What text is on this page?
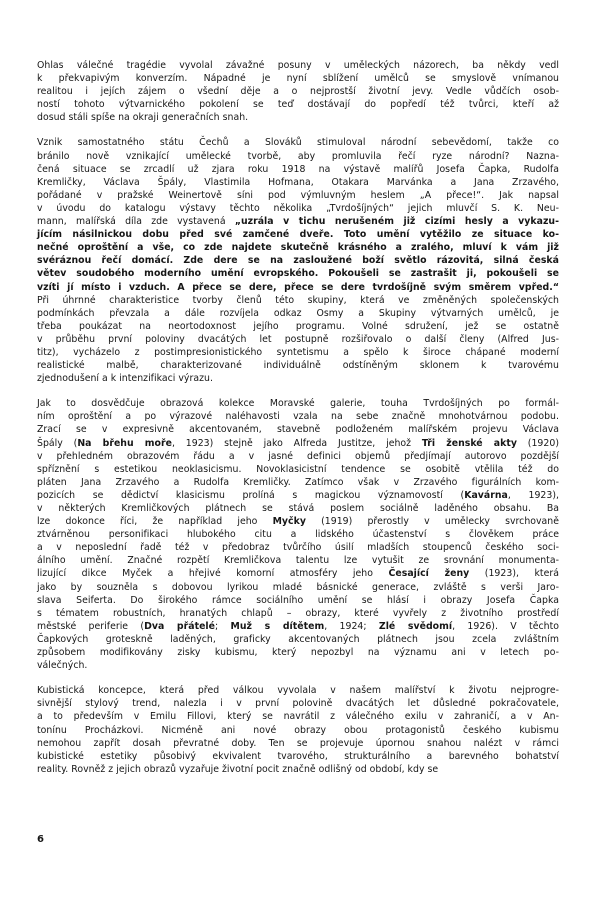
Ohlas válečné tragédie vyvolal závažné posuny v uměleckých názorech, ba někdy vedl
k překvapivým konverzím. Nápadné je nyní sblížení umělců se smyslově vnímanou
realitou i jejích zájem o všední děje a o nejprostší životní jevy. Vedle vůdčích osob-
ností tohoto výtvarnického pokolení se teď dostávají do popředí též tvůrci, kteří až
dosud stáli spíše na okraji generačních snah.

Vznik samostatného státu Čechů a Slováků stimuloval národní sebevědomí, takže co
bránilo nově vznikající umělecké tvorbě, aby promluvila řečí ryze národní? Nazna-
čená situace se zrcadlí už zjara roku 1918 na výstavě malířů Josefa Čapka, Rudolfa
Kremličky, Václava Špály, Vlastimila Hofmana, Otakara Marvánka a Jana Zrzavého,
pořádané v pražské Weinertově síni pod výmluvným heslem „A přece!“. Jak napsal
v úvodu do katalogu výstavy těchto několika „Tvrdošíjných“ jejich mluvčí S. K. Neu-
mann, malířská díla zde vystavená „uzrála v tichu nerušeném již cizími hesly a vykazu-
jícím násilnickou dobu před své zamčené dveře. Toto umění vytěžilo ze situace ko-
nečné oproštění a vše, co zde najdete skutečně krásného a zralého, mluví k vám již
svéráznou řečí domácí. Zde dere se na zasloužené boží světlo rázovitá, silná česká
větev soudobého moderního umění evropského. Pokoušeli se zastrašit ji, pokoušeli se
vzíti jí místo i vzduch. A přece se dere, přece se dere tvrdošíjně svým směrem vpřed.“
Při úhrnné charakteristice tvorby členů této skupiny, která ve změněných společenských
podmínkách převzala a dále rozvíjela odkaz Osmy a Skupiny výtvarných umělců, je
třeba poukázat na neortodoxnost jejího programu. Volné sdružení, jež se ostatně
v průběhu první poloviny dvacátých let postupně rozšiřovalo o další členy (Alfred Jus-
titz), vycházelo z postimpresionistického syntetismu a spělo k široce chápané moderní
realistické malbě, charakterizované individuálně odstíněným sklonem k tvarovému
zjednodušení a k intenzifikaci výrazu.

Jak to dosvědčuje obrazová kolekce Moravské galerie, touha Tvrdošíjných po formál-
ním oproštění a po výrazové naléhavosti vzala na sebe značně mnohotvárnou podobu.
Zrací se v expresivně akcentovaném, stavebně podloženém malířském projevu Václava
Špály (Na břehu moře, 1923) stejně jako Alfreda Justitze, jehož Tři ženské akty (1920)
v přehledném obrazovém řádu a v jasné definici objemů předjímají autorovo pozdější
spříznění s estetikou neoklasicismu. Novoklasicistní tendence se osobitě vtělila též do
pláten Jana Zrzavého a Rudolfa Kremličky. Zatímco však v Zrzavého figurálních kom-
pozicích se dědictví klasicismu prolíná s magickou významovostí (Kavárna, 1923),
v některých Kremličkových plátnech se stává poslem sociálně laděného obsahu. Ba
lze dokonce říci, že například jeho Myčky (1919) přerostly v umělecky svrchovaně
ztvárněnou personifikaci hlubokého citu a lidského účastenství s člověkem práce
a v neposlední řadě též v předobraz tvůrčího úsilí mladších stoupenců českého soci-
álního umění. Značné rozpětí Kremličkova talentu lze vytušit ze srovnání monumenta-
lizující dikce Myček a hřejivé komorní atmosféry jeho Česající ženy (1923), která
jako by souzněla s dobovou lyrikou mladé básnické generace, zvláště s verši Jaro-
slava Seiferta. Do širokého rámce sociálního umění se hlásí i obrazy Josefa Čapka
s tématem robustních, hranatých chlapů – obrazy, které vyvřely z životního prostředí
městské periferie (Dva přátelé; Muž s dítětem, 1924; Zlé svědomí, 1926). V těchto
Čapkových groteskně laděných, graficky akcentovaných plátnech jsou zcela zvláštním
způsobem modifikovány zisky kubismu, který nepozbyl na významu ani v letech po-
válečných.

Kubistická koncepce, která před válkou vyvolala v našem malířství k životu nejprogre-
sivnější stylový trend, nalezla i v první polovině dvacátých let důsledné pokračovatele,
a to především v Emilu Fillovi, který se navrátil z válečného exilu v zahraničí, a v An-
tonínu Procházkovi. Nicméně ani nové obrazy obou protagonistů českého kubismu
nemohou zapřít dosah převratné doby. Ten se projevuje úpornou snahou nalézt v rámci
kubistické estetiky působivý ekvivalent tvarového, strukturálního a barevného bohatství
reality. Rovněž z jejich obrazů vyzařuje životní pocit značně odlišný od období, kdy se

6
